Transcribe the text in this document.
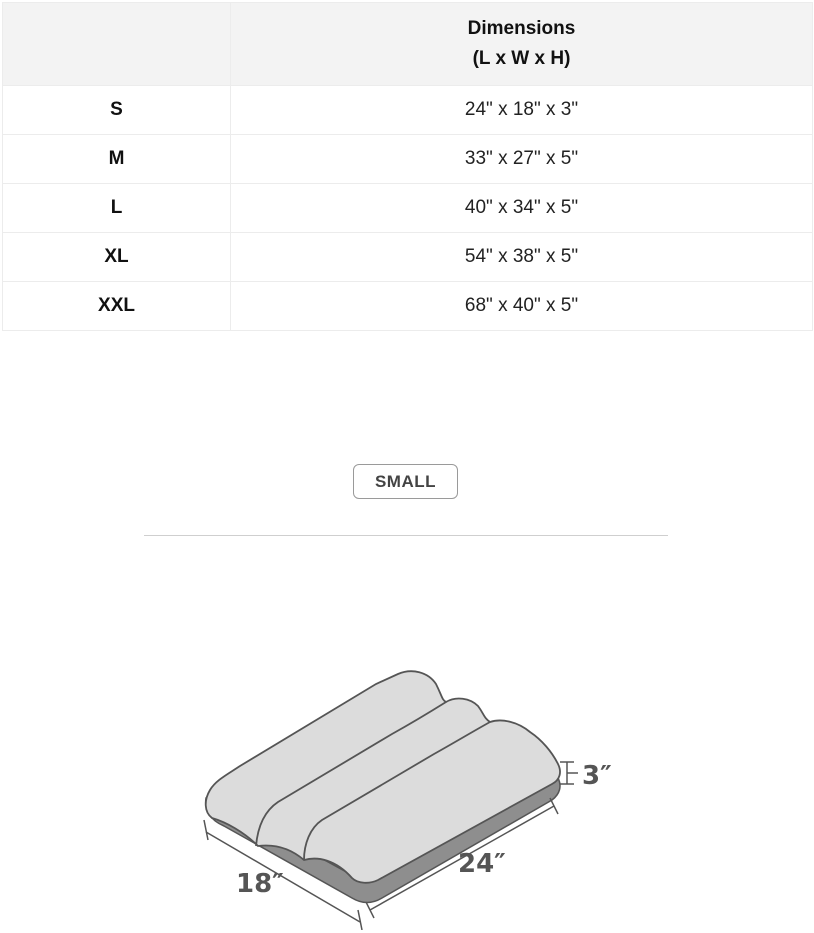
	Dimensions
(L x W x H)

S	24" x 18" x 3"
M	33" x 27" x 5"
L	40" x 34" x 5"
XL	54" x 38" x 5"
XXL	68" x 40" x 5"
SMALL
3″
24″
18″
